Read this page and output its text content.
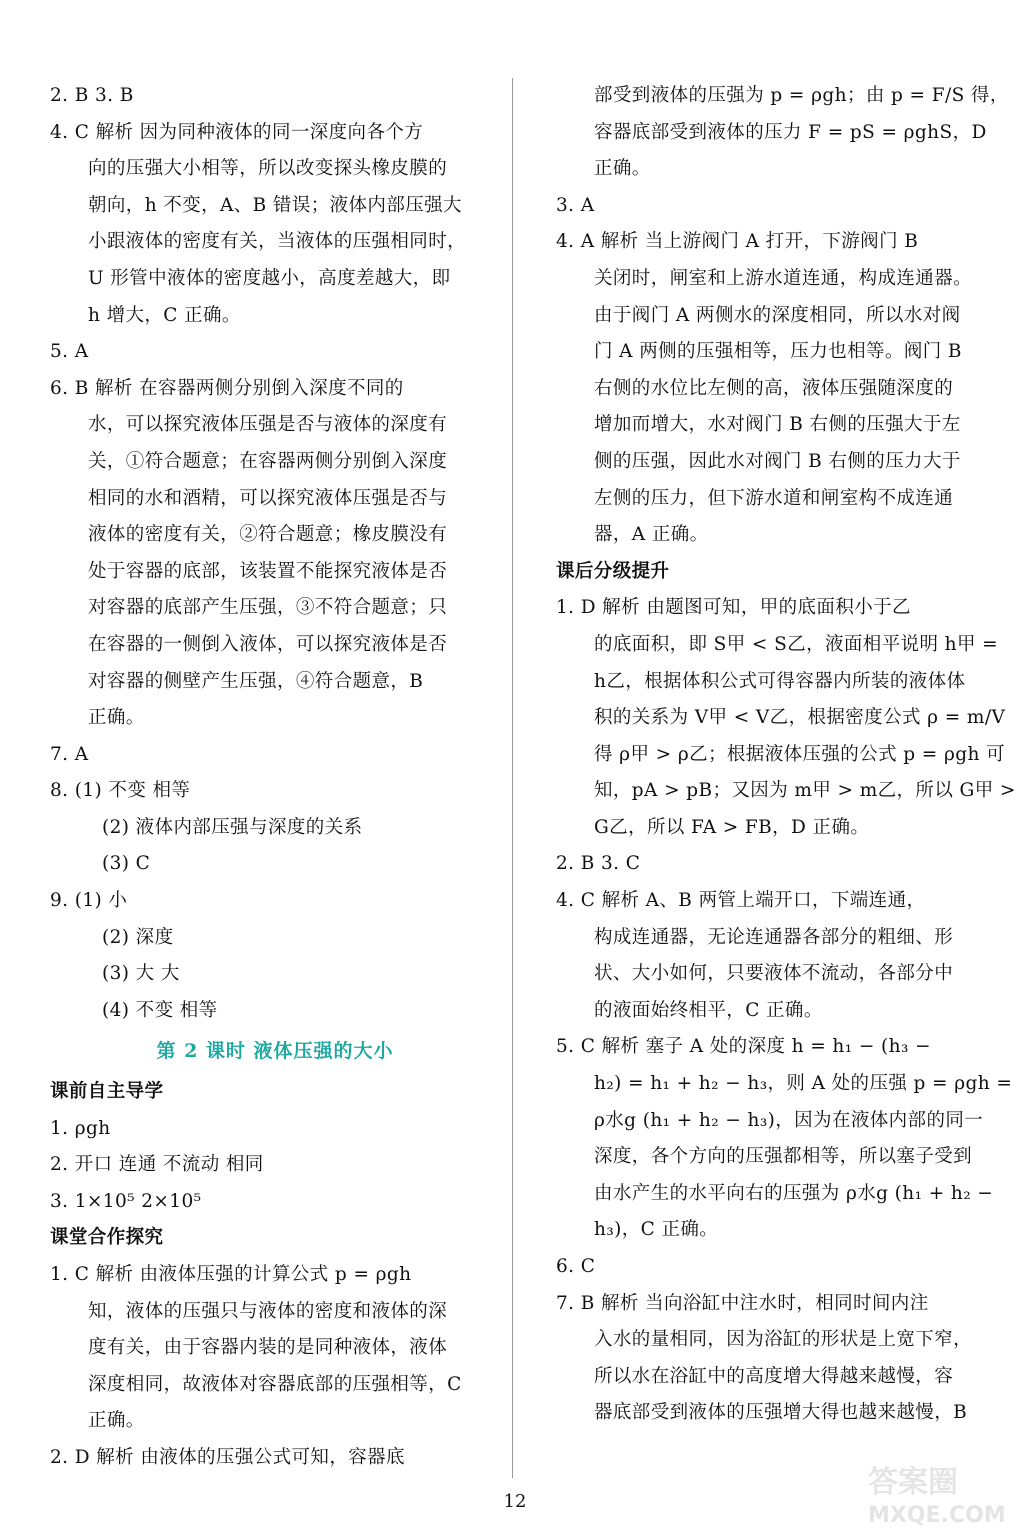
2. B 3. B
4. C 解析 因为同种液体的同一深度向各个方
向的压强大小相等，所以改变探头橡皮膜的
朝向，h 不变，A、B 错误；液体内部压强大
小跟液体的密度有关，当液体的压强相同时，
U 形管中液体的密度越小，高度差越大，即
h 增大，C 正确。
5. A
6. B 解析 在容器两侧分别倒入深度不同的
水，可以探究液体压强是否与液体的深度有
关，①符合题意；在容器两侧分别倒入深度
相同的水和酒精，可以探究液体压强是否与
液体的密度有关，②符合题意；橡皮膜没有
处于容器的底部，该装置不能探究液体是否
对容器的底部产生压强，③不符合题意；只
在容器的一侧倒入液体，可以探究液体是否
对容器的侧壁产生压强，④符合题意，B
正确。
7. A
8. (1) 不变 相等
(2) 液体内部压强与深度的关系
(3) C
9. (1) 小
(2) 深度
(3) 大 大
(4) 不变 相等
第 2 课时 液体压强的大小
课前自主导学
1. ρgh
2. 开口 连通 不流动 相同
3. 1×10⁵ 2×10⁵
课堂合作探究
1. C 解析 由液体压强的计算公式 p = ρgh
知，液体的压强只与液体的密度和液体的深
度有关，由于容器内装的是同种液体，液体
深度相同，故液体对容器底部的压强相等，C
正确。
2. D 解析 由液体的压强公式可知，容器底
部受到液体的压强为 p = ρgh；由 p = F/S 得，
容器底部受到液体的压力 F = pS = ρghS，D
正确。
3. A
4. A 解析 当上游阀门 A 打开，下游阀门 B
关闭时，闸室和上游水道连通，构成连通器。
由于阀门 A 两侧水的深度相同，所以水对阀
门 A 两侧的压强相等，压力也相等。阀门 B
右侧的水位比左侧的高，液体压强随深度的
增加而增大，水对阀门 B 右侧的压强大于左
侧的压强，因此水对阀门 B 右侧的压力大于
左侧的压力，但下游水道和闸室构不成连通
器，A 正确。
课后分级提升
1. D 解析 由题图可知，甲的底面积小于乙
的底面积，即 S甲 < S乙，液面相平说明 h甲 =
h乙，根据体积公式可得容器内所装的液体体
积的关系为 V甲 < V乙，根据密度公式 ρ = m/V
得 ρ甲 > ρ乙；根据液体压强的公式 p = ρgh 可
知，pA > pB；又因为 m甲 > m乙，所以 G甲 >
G乙，所以 FA > FB，D 正确。
2. B 3. C
4. C 解析 A、B 两管上端开口，下端连通，
构成连通器，无论连通器各部分的粗细、形
状、大小如何，只要液体不流动，各部分中
的液面始终相平，C 正确。
5. C 解析 塞子 A 处的深度 h = h₁ − (h₃ −
h₂) = h₁ + h₂ − h₃，则 A 处的压强 p = ρgh =
ρ水g (h₁ + h₂ − h₃)，因为在液体内部的同一
深度，各个方向的压强都相等，所以塞子受到
由水产生的水平向右的压强为 ρ水g (h₁ + h₂ −
h₃)，C 正确。
6. C
7. B 解析 当向浴缸中注水时，相同时间内注
入水的量相同，因为浴缸的形状是上宽下窄，
所以水在浴缸中的高度增大得越来越慢，容
器底部受到液体的压强增大得也越来越慢，B
12
答案圈
MXQE.COM
